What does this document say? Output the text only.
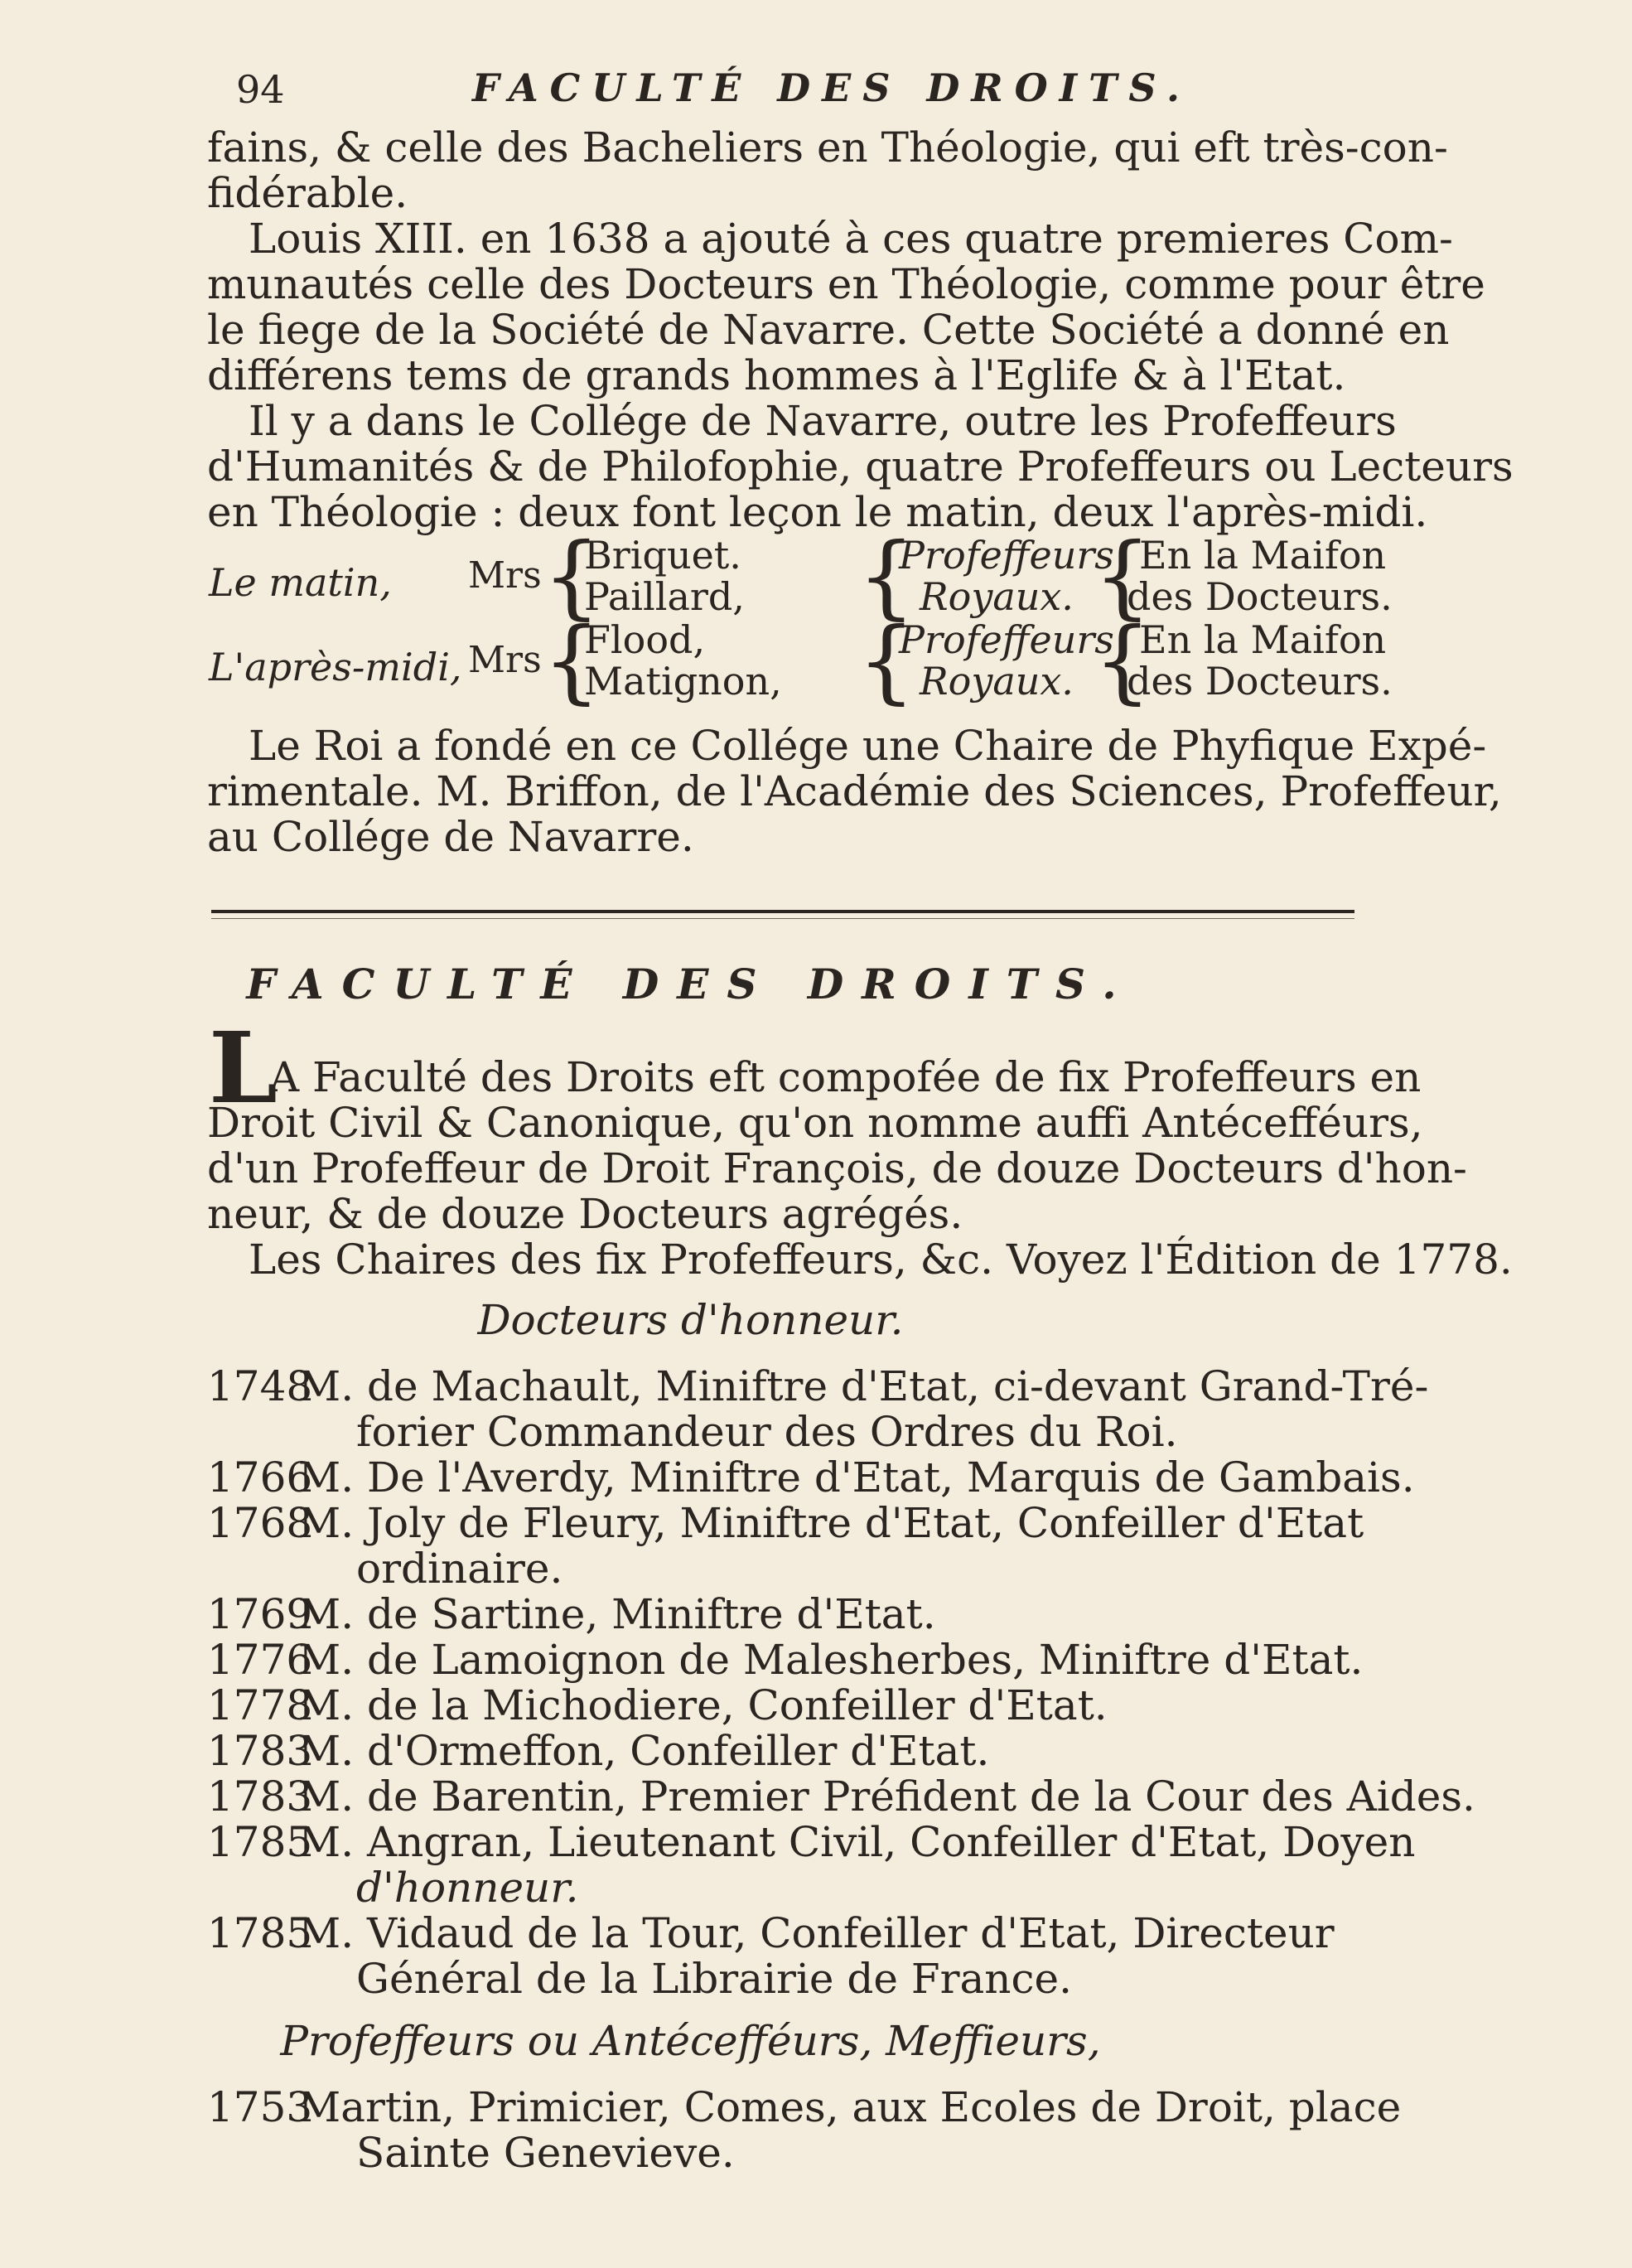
94	FACULTÉ DES DROITS.
fains, & celle des Bacheliers en Théologie, qui eft très-con-
fidérable.
Louis XIII. en 1638 a ajouté à ces quatre premieres Com-
munautés celle des Docteurs en Théologie, comme pour être
le fiege de la Société de Navarre. Cette Société a donné en
différens tems de grands hommes à l'Eglife & à l'Etat.
Il y a dans le Collége de Navarre, outre les Profeffeurs
d'Humanités & de Philofophie, quatre Profeffeurs ou Lecteurs
en Théologie : deux font leçon le matin, deux l'après-midi.
Le matin, Mrs {
Briquet.
Paillard, {
Profeffeurs
Royaux. {
En la Maifon
des Docteurs.
L'après-midi, Mrs {
Flood,
Matignon, {
Profeffeurs
Royaux. {
En la Maifon
des Docteurs.
Le Roi a fondé en ce Collége une Chaire de Phyfique Expé-
rimentale. M. Briffon, de l'Académie des Sciences, Profeffeur,
au Collége de Navarre.
FACULTÉ DES DROITS.
L
A Faculté des Droits eft compofée de fix Profeffeurs en
Droit Civil & Canonique, qu'on nomme auffi Antécefféurs,
d'un Profeffeur de Droit François, de douze Docteurs d'hon-
neur, & de douze Docteurs agrégés.
Les Chaires des fix Profeffeurs, &c. Voyez l'Édition de 1778.
Docteurs d'honneur.
1748M. de Machault, Miniftre d'Etat, ci-devant Grand-Tré-
forier Commandeur des Ordres du Roi.
1766M. De l'Averdy, Miniftre d'Etat, Marquis de Gambais.
1768M. Joly de Fleury, Miniftre d'Etat, Confeiller d'Etat
ordinaire.
1769M. de Sartine, Miniftre d'Etat.
1776M. de Lamoignon de Malesherbes, Miniftre d'Etat.
1778M. de la Michodiere, Confeiller d'Etat.
1783M. d'Ormeffon, Confeiller d'Etat.
1783M. de Barentin, Premier Préfident de la Cour des Aides.
1785M. Angran, Lieutenant Civil, Confeiller d'Etat, Doyen
d'honneur.
1785M. Vidaud de la Tour, Confeiller d'Etat, Directeur
Général de la Librairie de France.
Profeffeurs ou Antécefféurs, Meffieurs,
1753Martin, Primicier, Comes, aux Ecoles de Droit, place
Sainte Genevieve.
